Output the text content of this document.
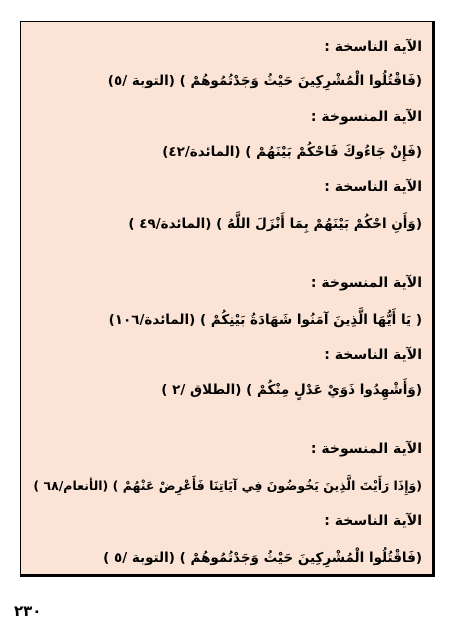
الآية الناسخة :
(فَاقْتُلُوا الْمُشْرِكِينَ حَيْثُ وَجَدْتُمُوهُمْ ) (التوبة /٥)
الآية المنسوخة :
(فَإِنْ جَاءُوكَ فَاحْكُمْ بَيْنَهُمْ ) (المائدة/٤٢)
الآية الناسخة :
(وَأَنِ احْكُمْ بَيْنَهُمْ بِمَا أَنْزَلَ اللَّهُ ) (المائدة/٤٩ )
الآية المنسوخة :
( يَا أَيُّهَا الَّذِينَ آمَنُوا شَهَادَةُ بَيْنِكُمْ ) (المائدة/١٠٦)
الآية الناسخة :
(وَأَشْهِدُوا ذَوَيْ عَدْلٍ مِنْكُمْ ) (الطلاق /٢ )
الآية المنسوخة :
(وَإِذَا رَأَيْتَ الَّذِينَ يَخُوضُونَ فِي آيَاتِنَا فَأَعْرِضْ عَنْهُمْ ) (الأنعام/٦٨ )
الآية الناسخة :
(فَاقْتُلُوا الْمُشْرِكِينَ حَيْثُ وَجَدْتُمُوهُمْ ) (التوبة /٥ )
٢٣٠
